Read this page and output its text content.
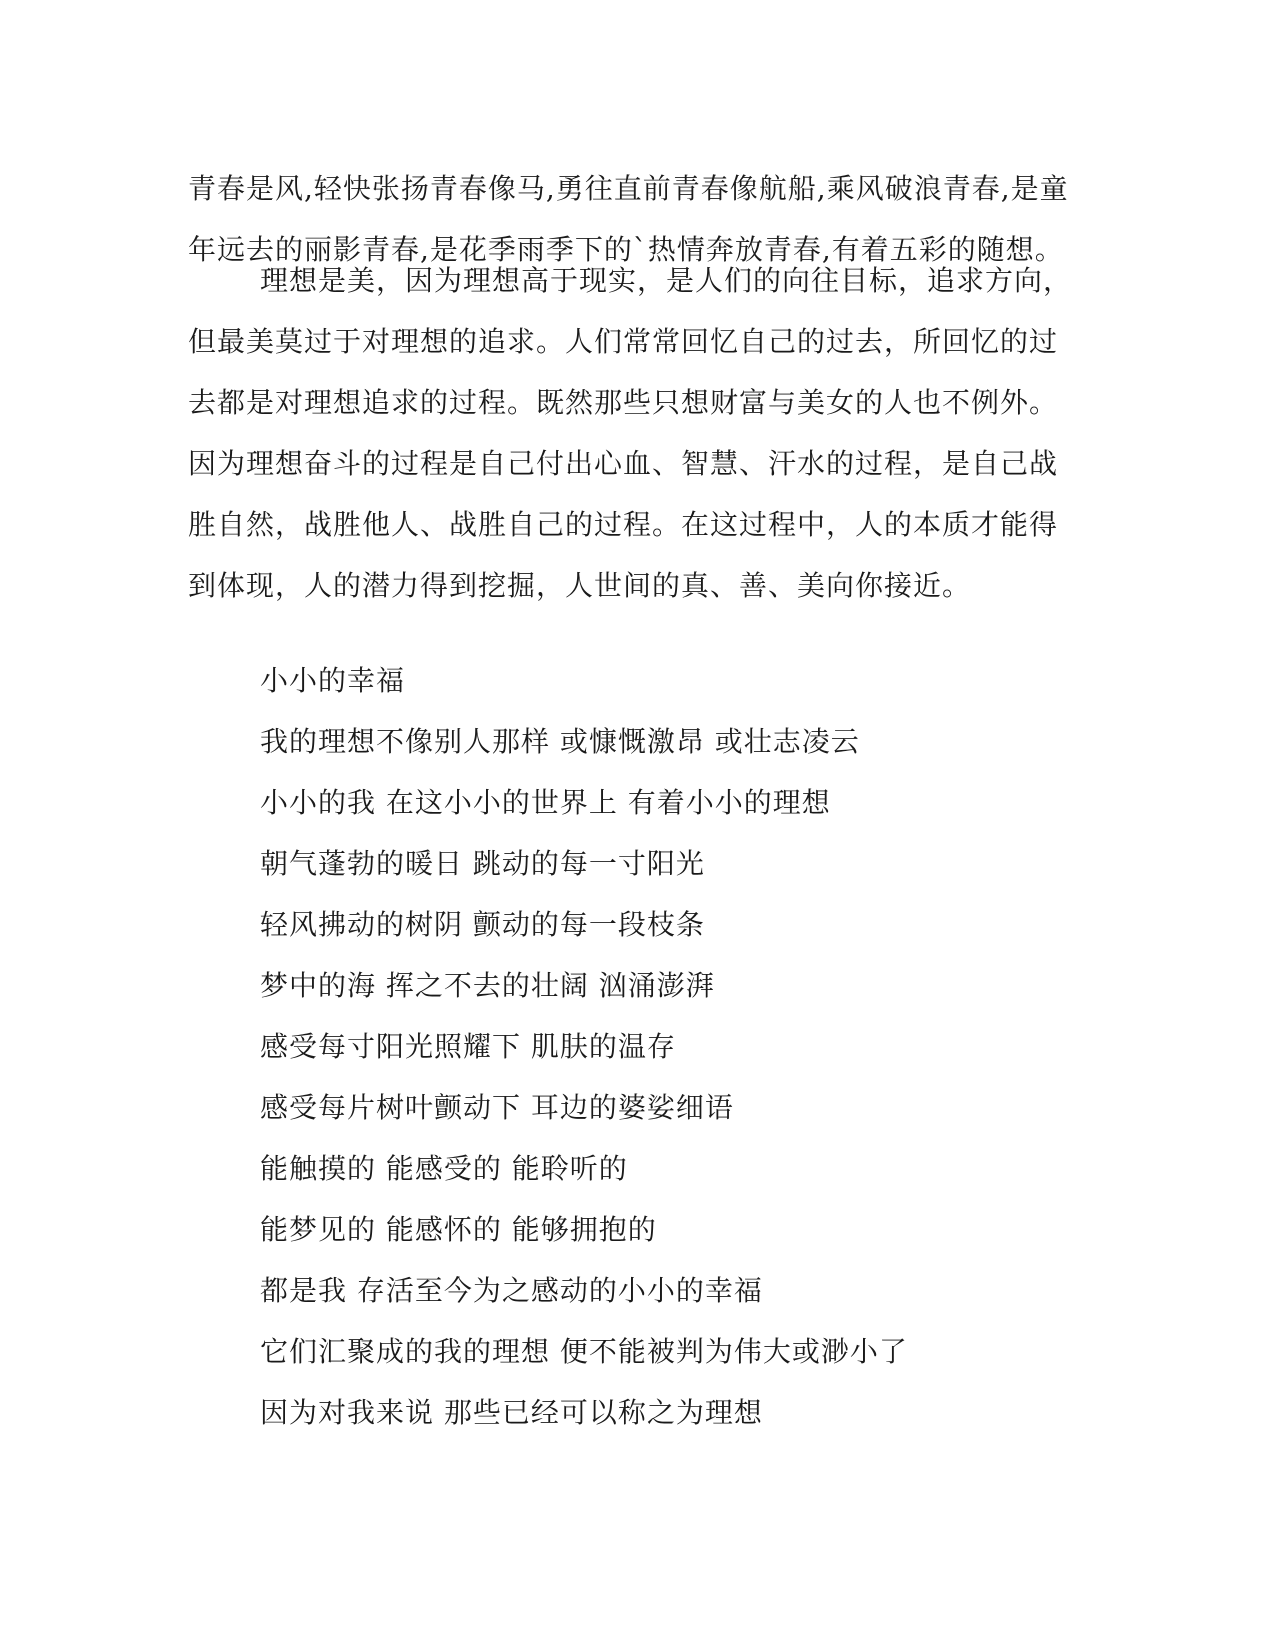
青春是风,轻快张扬青春像马,勇往直前青春像航船,乘风破浪青春,是童年远去的丽影青春,是花季雨季下的`热情奔放青春,有着五彩的随想。

理想是美，因为理想高于现实，是人们的向往目标，追求方向，但最美莫过于对理想的追求。人们常常回忆自己的过去，所回忆的过去都是对理想追求的过程。既然那些只想财富与美女的人也不例外。因为理想奋斗的过程是自己付出心血、智慧、汗水的过程，是自己战胜自然，战胜他人、战胜自己的过程。在这过程中，人的本质才能得到体现，人的潜力得到挖掘，人世间的真、善、美向你接近。

小小的幸福
我的理想不像别人那样 或慷慨激昂 或壮志凌云
小小的我 在这小小的世界上 有着小小的理想
朝气蓬勃的暖日 跳动的每一寸阳光
轻风拂动的树阴 颤动的每一段枝条
梦中的海 挥之不去的壮阔 汹涌澎湃
感受每寸阳光照耀下 肌肤的温存
感受每片树叶颤动下 耳边的婆娑细语
能触摸的 能感受的 能聆听的
能梦见的 能感怀的 能够拥抱的
都是我 存活至今为之感动的小小的幸福
它们汇聚成的我的理想 便不能被判为伟大或渺小了
因为对我来说 那些已经可以称之为理想
